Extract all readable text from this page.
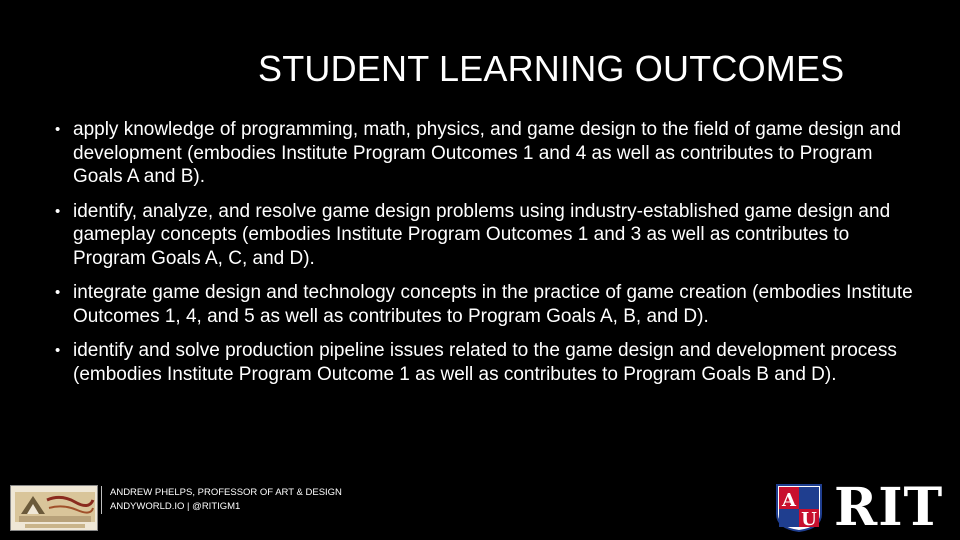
STUDENT LEARNING OUTCOMES
• apply knowledge of programming, math, physics, and game design to the field of game design and development (embodies Institute Program Outcomes 1 and 4 as well as contributes to Program Goals A and B).
• identify, analyze, and resolve game design problems using industry-established game design and gameplay concepts (embodies Institute Program Outcomes 1 and 3 as well as contributes to Program Goals A, C, and D).
• integrate game design and technology concepts in the practice of game creation (embodies Institute Outcomes 1, 4, and 5 as well as contributes to Program Goals A, B, and D).
• identify and solve production pipeline issues related to the game design and development process (embodies Institute Program Outcome 1 as well as contributes to Program Goals B and D).
ANDREW PHELPS, PROFESSOR OF ART & DESIGN
ANDYWORLD.IO | @RITIGM1	A
U RIT
